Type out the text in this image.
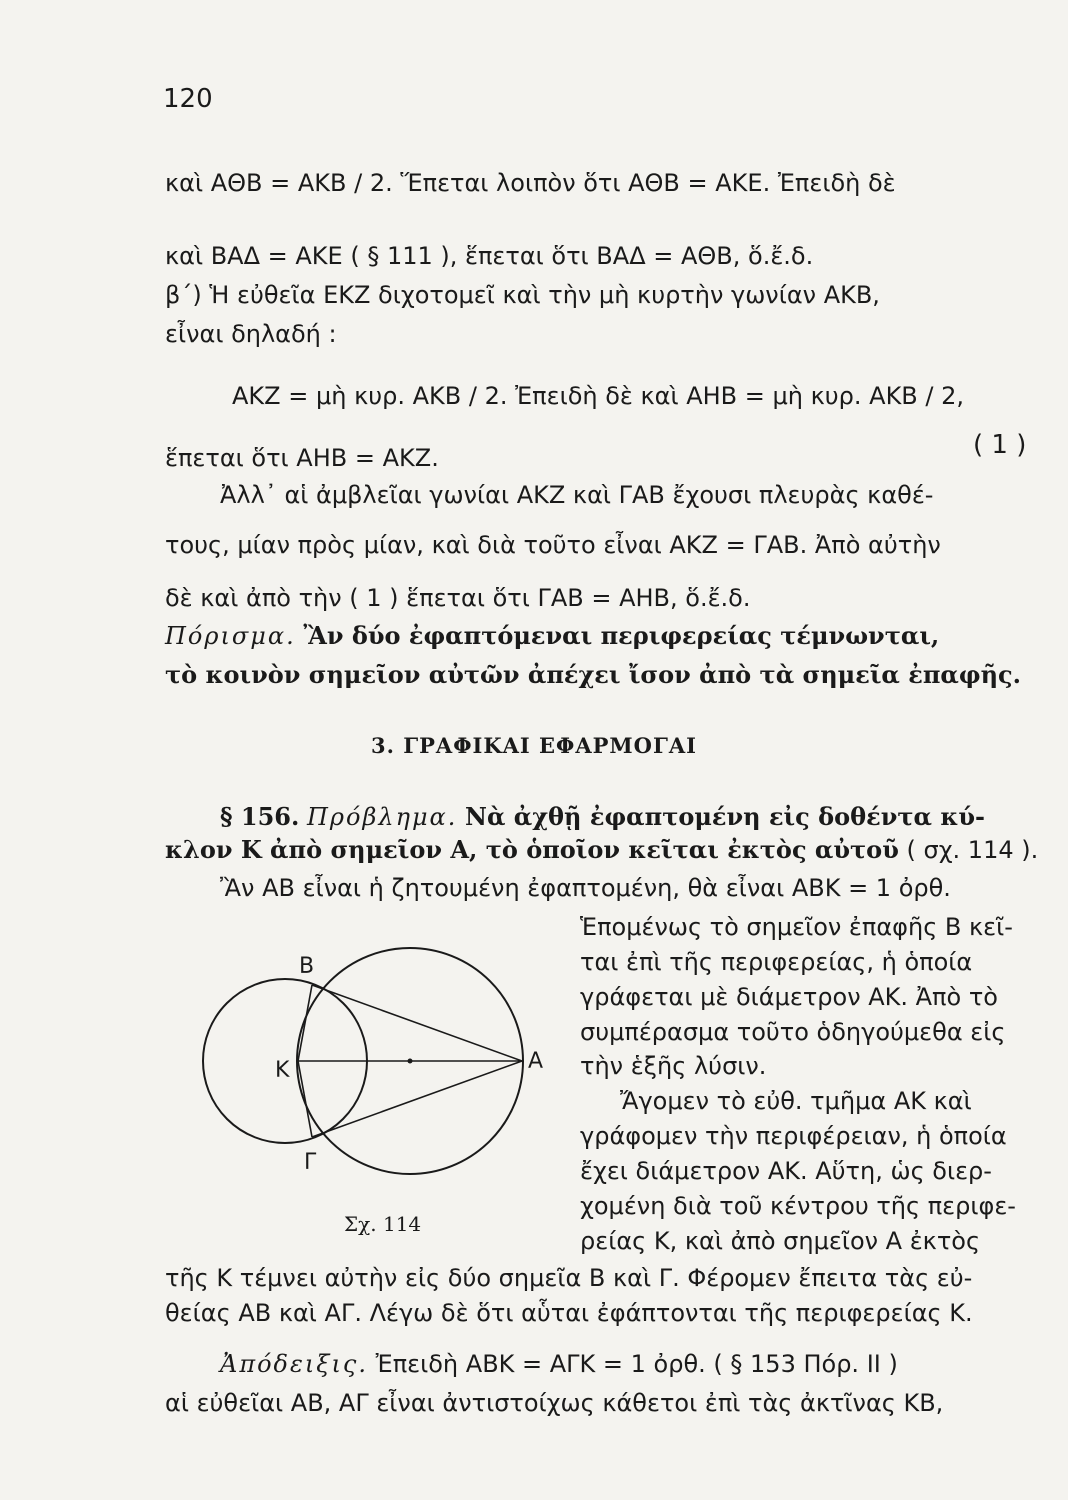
120
καὶ ΑΘΒ = ΑΚΒ / 2. Ἕπεται λοιπὸν ὅτι ΑΘΒ = ΑΚΕ. Ἐπειδὴ δὲ
καὶ ΒΑΔ = ΑΚΕ ( § 111 ), ἕπεται ὅτι ΒΑΔ = ΑΘΒ, ὅ.ἔ.δ.
β΄) Ἡ εὐθεῖα ΕΚΖ διχοτομεῖ καὶ τὴν μὴ κυρτὴν γωνίαν ΑΚΒ,
εἶναι δηλαδή :
ΑΚΖ = μὴ κυρ. ΑΚΒ / 2. Ἐπειδὴ δὲ καὶ ΑΗΒ = μὴ κυρ. ΑΚΒ / 2,
ἕπεται ὅτι ΑΗΒ = ΑΚΖ.	( 1 )
Ἀλλ᾽ αἱ ἀμβλεῖαι γωνίαι ΑΚΖ καὶ ΓΑΒ ἔχουσι πλευρὰς καθέ-
τους, μίαν πρὸς μίαν, καὶ διὰ τοῦτο εἶναι ΑΚΖ = ΓΑΒ. Ἀπὸ αὐτὴν
δὲ καὶ ἀπὸ τὴν ( 1 ) ἕπεται ὅτι ΓΑΒ = ΑΗΒ, ὅ.ἔ.δ.
Πόρισμα. Ἂν δύο ἐφαπτόμεναι περιφερείας τέμνωνται,
τὸ κοινὸν σημεῖον αὐτῶν ἀπέχει ἴσον ἀπὸ τὰ σημεῖα ἐπαφῆς.
3. ΓΡΑΦΙΚΑΙ ΕΦΑΡΜΟΓΑΙ
§ 156. Πρόβλημα. Νὰ ἀχθῇ ἐφαπτομένη εἰς δοθέντα κύ-
κλον Κ ἀπὸ σημεῖον Α, τὸ ὁποῖον κεῖται ἐκτὸς αὐτοῦ ( σχ. 114 ).
Ἂν ΑΒ εἶναι ἡ ζητουμένη ἐφαπτομένη, θὰ εἶναι ΑΒΚ = 1 ὀρθ.
Ἑπομένως τὸ σημεῖον ἐπαφῆς Β κεῖ-
ται ἐπὶ τῆς περιφερείας, ἡ ὁποία
γράφεται μὲ διάμετρον ΑΚ. Ἀπὸ τὸ
συμπέρασμα τοῦτο ὁδηγούμεθα εἰς
τὴν ἑξῆς λύσιν.
Ἄγομεν τὸ εὐθ. τμῆμα ΑΚ καὶ
γράφομεν τὴν περιφέρειαν, ἡ ὁποία
ἔχει διάμετρον ΑΚ. Αὕτη, ὡς διερ-
χομένη διὰ τοῦ κέντρου τῆς περιφε-
ρείας Κ, καὶ ἀπὸ σημεῖον Α ἐκτὸς
Β
Κ	Α
Γ
Σχ. 114
τῆς Κ τέμνει αὐτὴν εἰς δύο σημεῖα Β καὶ Γ. Φέρομεν ἔπειτα τὰς εὐ-
θείας ΑΒ καὶ ΑΓ. Λέγω δὲ ὅτι αὗται ἐφάπτονται τῆς περιφερείας Κ.
Ἀπόδειξις. Ἐπειδὴ ΑΒΚ = ΑΓΚ = 1 ὀρθ. ( § 153 Πόρ. ΙΙ )
αἱ εὐθεῖαι ΑΒ, ΑΓ εἶναι ἀντιστοίχως κάθετοι ἐπὶ τὰς ἀκτῖνας ΚΒ,
